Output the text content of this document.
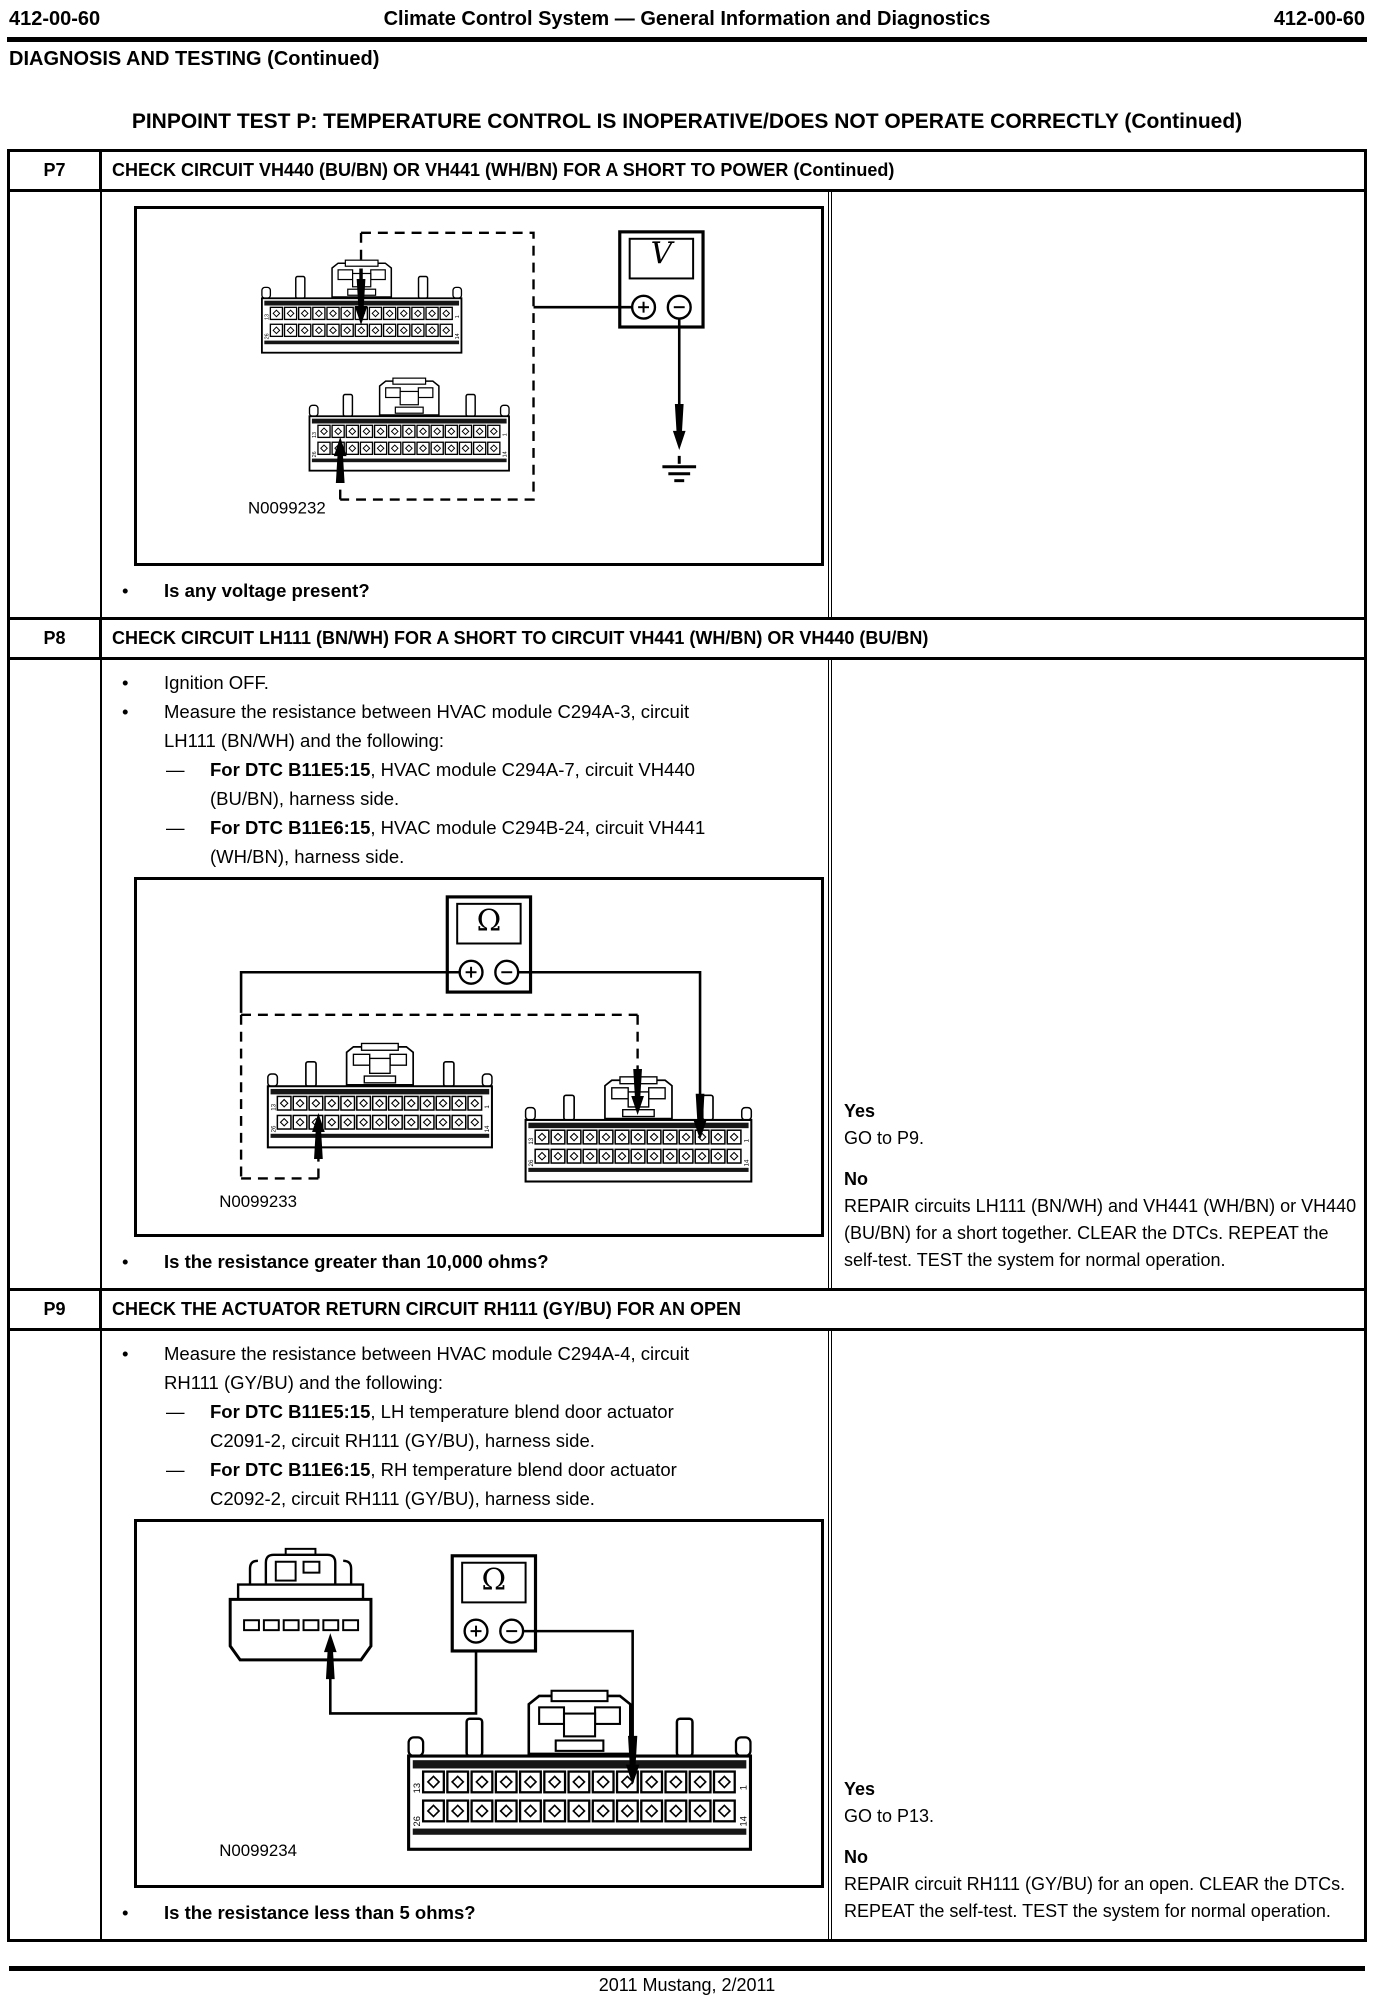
412-00-60	Climate Control System — General Information and Diagnostics	412-00-60
DIAGNOSIS AND TESTING (Continued)
PINPOINT TEST P: TEMPERATURE CONTROL IS INOPERATIVE/DOES NOT OPERATE CORRECTLY (Continued)
P7	CHECK CIRCUIT VH440 (BU/BN) OR VH441 (WH/BN) FOR A SHORT TO POWER (Continued)
V
N0099232
•	Is any voltage present?
P8	CHECK CIRCUIT LH111 (BN/WH) FOR A SHORT TO CIRCUIT VH441 (WH/BN) OR VH440 (BU/BN)
•	Ignition OFF.
•	Measure the resistance between HVAC module C294A-3, circuit LH111 (BN/WH) and the following:
—	For DTC B11E5:15, HVAC module C294A-7, circuit VH440 (BU/BN), harness side.
—	For DTC B11E6:15, HVAC module C294B-24, circuit VH441 (WH/BN), harness side.
Ω
N0099233
•	Is the resistance greater than 10,000 ohms?
Yes
GO to P9.
No
REPAIR circuits LH111 (BN/WH) and VH441 (WH/BN) or VH440 (BU/BN) for a short together. CLEAR the DTCs. REPEAT the self-test. TEST the system for normal operation.
P9	CHECK THE ACTUATOR RETURN CIRCUIT RH111 (GY/BU) FOR AN OPEN
•	Measure the resistance between HVAC module C294A-4, circuit RH111 (GY/BU) and the following:
—	For DTC B11E5:15, LH temperature blend door actuator C2091-2, circuit RH111 (GY/BU), harness side.
—	For DTC B11E6:15, RH temperature blend door actuator C2092-2, circuit RH111 (GY/BU), harness side.
Ω
N0099234
•	Is the resistance less than 5 ohms?
Yes
GO to P13.
No
REPAIR circuit RH111 (GY/BU) for an open. CLEAR the DTCs. REPEAT the self-test. TEST the system for normal operation.
2011 Mustang, 2/2011
